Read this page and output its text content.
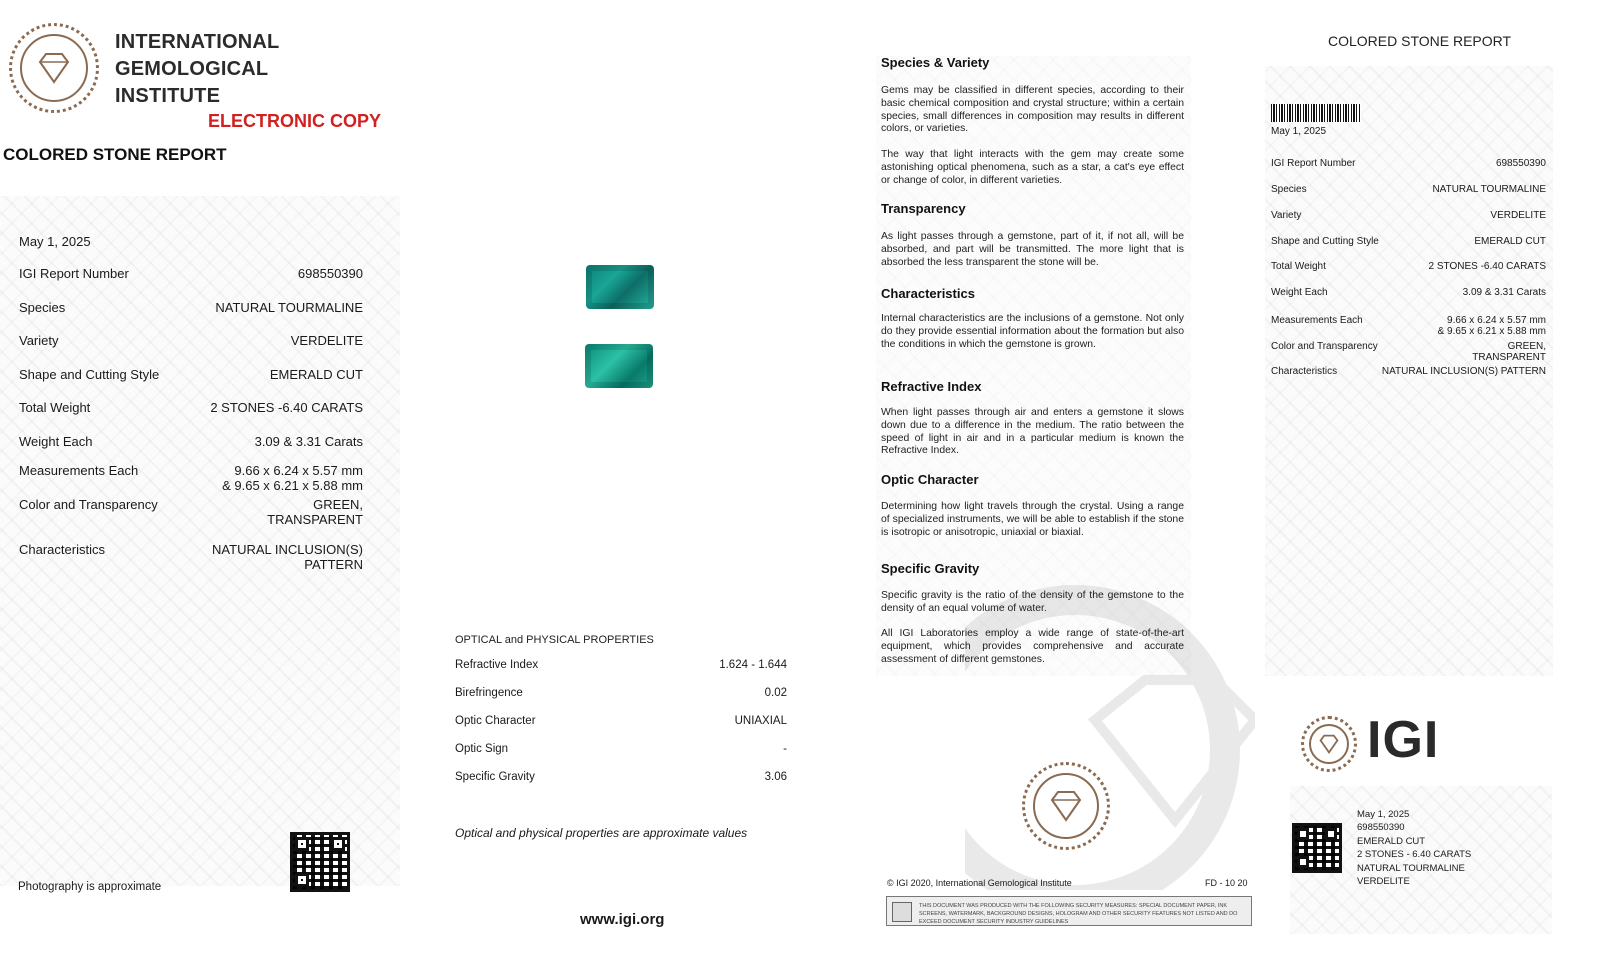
INTERNATIONAL
GEMOLOGICAL
INSTITUTE
ELECTRONIC COPY
COLORED STONE REPORT
May 1, 2025
IGI Report Number	698550390
Species	NATURAL TOURMALINE
Variety	VERDELITE
Shape and Cutting Style	EMERALD CUT
Total Weight	2 STONES -6.40 CARATS
Weight Each	3.09 & 3.31 Carats
Measurements Each	9.66 x 6.24 x 5.57 mm
& 9.65 x 6.21 x 5.88 mm
Color and Transparency	GREEN,
TRANSPARENT
Characteristics	NATURAL INCLUSION(S)
PATTERN
Photography is approximate
OPTICAL and PHYSICAL PROPERTIES
Refractive Index	1.624 - 1.644
Birefringence	0.02
Optic Character	UNIAXIAL
Optic Sign	-
Specific Gravity	3.06
Optical and physical properties are approximate values
www.igi.org
Species & Variety
Gems may be classified in different species, according to their basic chemical composition and crystal structure; within a certain species, small differences in composition may results in different colors, or varieties.
The way that light interacts with the gem may create some astonishing optical phenomena, such as a star, a cat's eye effect or change of color, in different varieties.
Transparency
As light passes through a gemstone, part of it, if not all, will be absorbed, and part will be transmitted. The more light that is absorbed the less transparent the stone will be.
Characteristics
Internal characteristics are the inclusions of a gemstone. Not only do they provide essential information about the formation but also the conditions in which the gemstone is grown.
Refractive Index
When light passes through air and enters a gemstone it slows down due to a difference in the medium. The ratio between the speed of light in air and in a particular medium is known the Refractive Index.
Optic Character
Determining how light travels through the crystal. Using a range of specialized instruments, we will be able to establish if the stone is isotropic or anisotropic, uniaxial or biaxial.
Specific Gravity
Specific gravity is the ratio of the density of the gemstone to the density of an equal volume of water.
All IGI Laboratories employ a wide range of state-of-the-art equipment, which provides comprehensive and accurate assessment of different gemstones.
© IGI 2020, International Gemological Institute	FD - 10 20
THIS DOCUMENT WAS PRODUCED WITH THE FOLLOWING SECURITY MEASURES: SPECIAL DOCUMENT PAPER, INK SCREENS, WATERMARK, BACKGROUND DESIGNS, HOLOGRAM AND OTHER SECURITY FEATURES NOT LISTED AND DO EXCEED DOCUMENT SECURITY INDUSTRY GUIDELINES
COLORED STONE REPORT
May 1, 2025
IGI Report Number	698550390
Species	NATURAL TOURMALINE
Variety	VERDELITE
Shape and Cutting Style	EMERALD CUT
Total Weight	2 STONES -6.40 CARATS
Weight Each	3.09 & 3.31 Carats
Measurements Each	9.66 x 6.24 x 5.57 mm
& 9.65 x 6.21 x 5.88 mm
Color and Transparency	GREEN,
TRANSPARENT
Characteristics	NATURAL INCLUSION(S) PATTERN
IGI
May 1, 2025
698550390
EMERALD CUT
2 STONES - 6.40 CARATS
NATURAL TOURMALINE
VERDELITE
